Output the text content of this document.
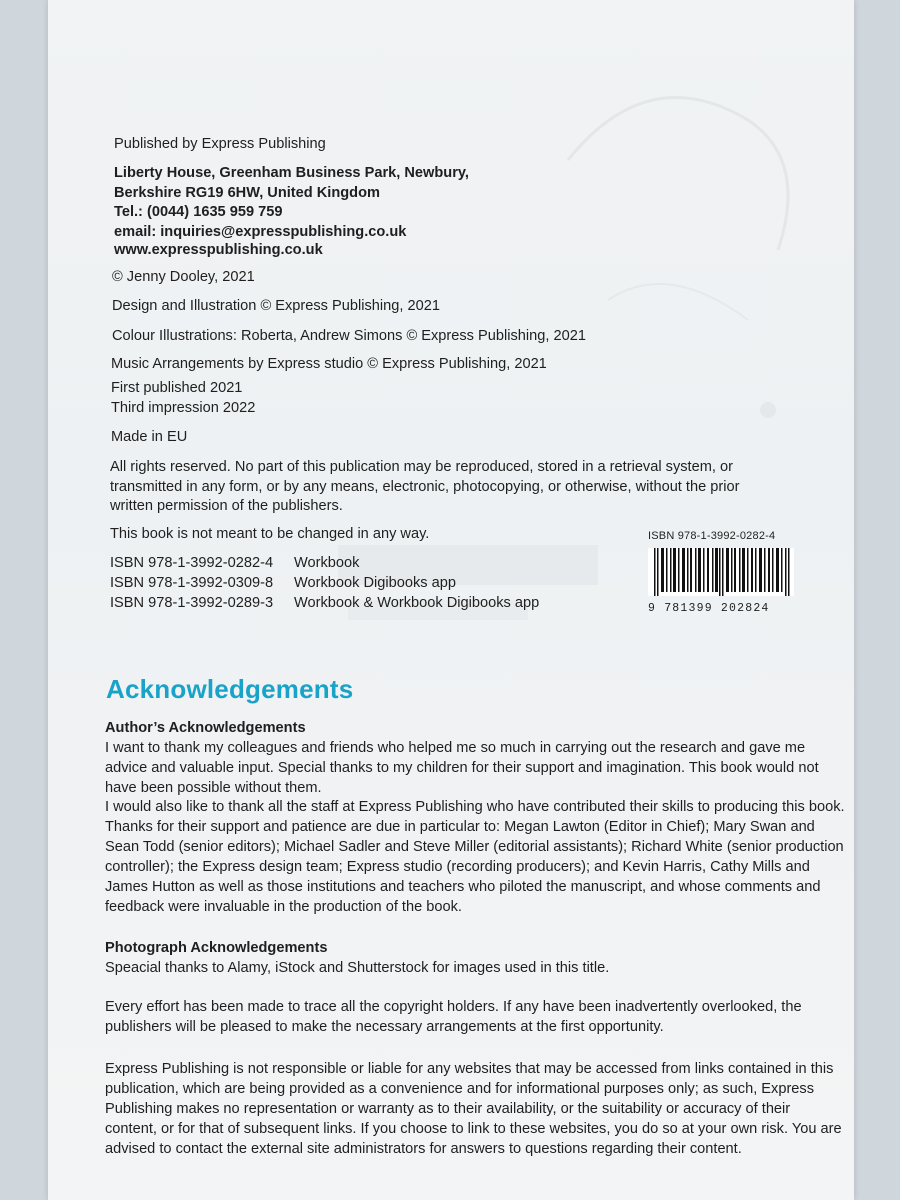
Published by Express Publishing
Liberty House, Greenham Business Park, Newbury,
Berkshire RG19 6HW, United Kingdom
Tel.: (0044) 1635 959 759
email: inquiries@expresspublishing.co.uk
www.expresspublishing.co.uk
© Jenny Dooley, 2021
Design and Illustration © Express Publishing, 2021
Colour Illustrations: Roberta, Andrew Simons © Express Publishing, 2021
Music Arrangements by Express studio © Express Publishing, 2021
First published 2021
Third impression 2022
Made in EU
All rights reserved. No part of this publication may be reproduced, stored in a retrieval system, or
transmitted in any form, or by any means, electronic, photocopying, or otherwise, without the prior
written permission of the publishers.
This book is not meant to be changed in any way.
ISBN 978-1-3992-0282-4 Workbook
ISBN 978-1-3992-0309-8 Workbook Digibooks app
ISBN 978-1-3992-0289-3 Workbook & Workbook Digibooks app
ISBN 978-1-3992-0282-4
9 781399 202824
Acknowledgements
Author’s Acknowledgements
I want to thank my colleagues and friends who helped me so much in carrying out the research and gave me advice and valuable input. Special thanks to my children for their support and imagination. This book would not have been possible without them.
I would also like to thank all the staff at Express Publishing who have contributed their skills to producing this book. Thanks for their support and patience are due in particular to: Megan Lawton (Editor in Chief); Mary Swan and Sean Todd (senior editors); Michael Sadler and Steve Miller (editorial assistants); Richard White (senior production controller); the Express design team; Express studio (recording producers); and Kevin Harris, Cathy Mills and James Hutton as well as those institutions and teachers who piloted the manuscript, and whose comments and feedback were invaluable in the production of the book.
Photograph Acknowledgements
Speacial thanks to Alamy, iStock and Shutterstock for images used in this title.
Every effort has been made to trace all the copyright holders. If any have been inadvertently overlooked, the publishers will be pleased to make the necessary arrangements at the first opportunity.
Express Publishing is not responsible or liable for any websites that may be accessed from links contained in this publication, which are being provided as a convenience and for informational purposes only; as such, Express Publishing makes no representation or warranty as to their availability, or the suitability or accuracy of their content, or for that of subsequent links. If you choose to link to these websites, you do so at your own risk. You are advised to contact the external site administrators for answers to questions regarding their content.
